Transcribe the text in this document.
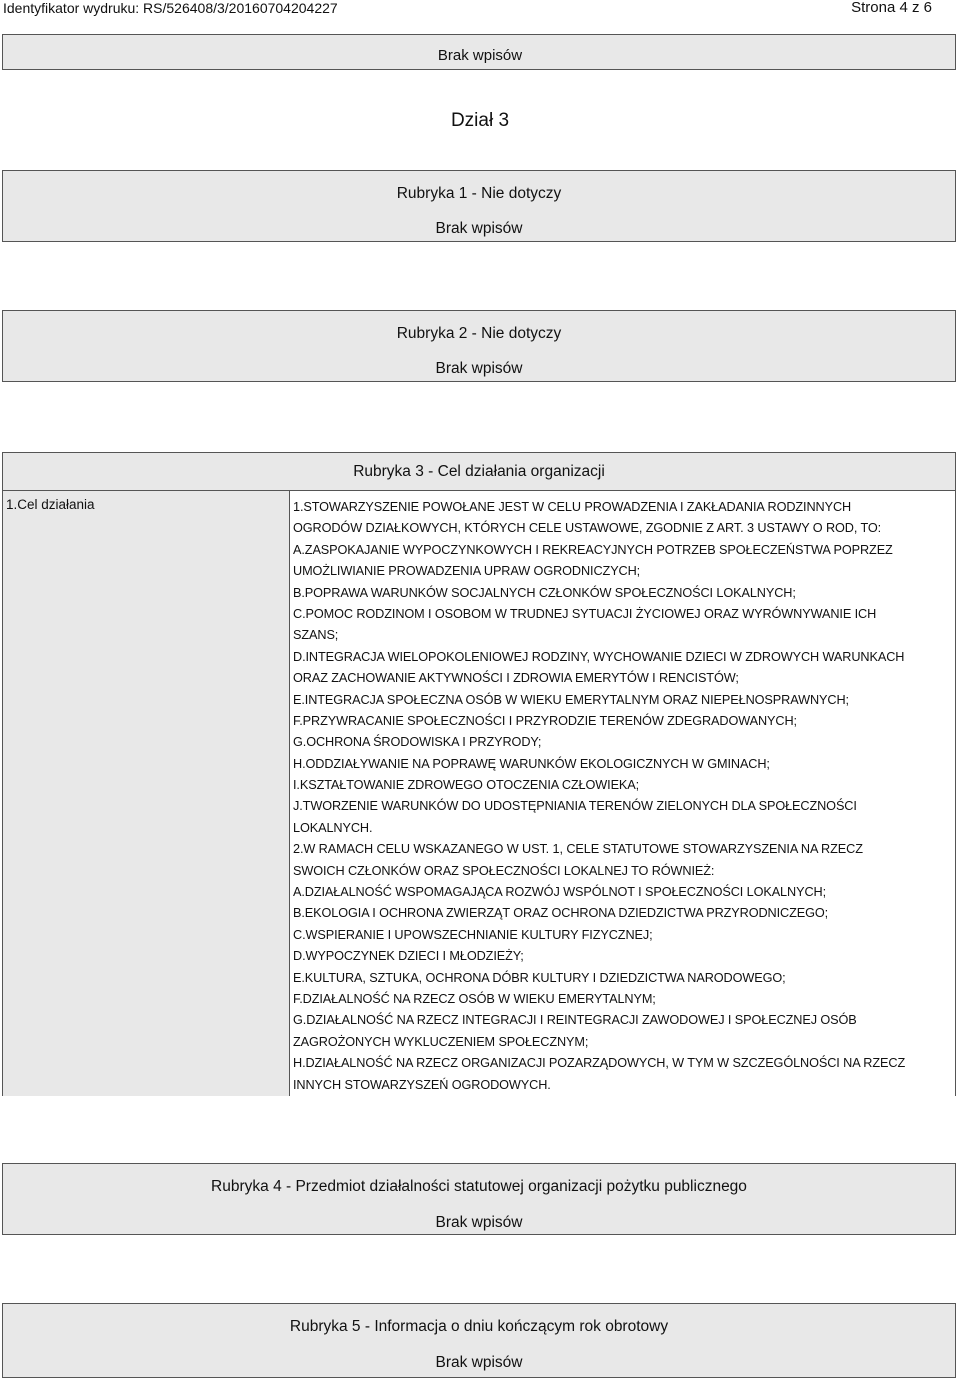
Identyfikator wydruku: RS/526408/3/20160704204227	Strona 4 z 6
Brak wpisów
Dział 3
Rubryka 1 - Nie dotyczy
Brak wpisów
Rubryka 2 - Nie dotyczy
Brak wpisów
Rubryka 3 - Cel działania organizacji
1.Cel działania	1.STOWARZYSZENIE POWOŁANE JEST W CELU PROWADZENIA I ZAKŁADANIA RODZINNYCH
OGRODÓW DZIAŁKOWYCH, KTÓRYCH CELE USTAWOWE, ZGODNIE Z ART. 3 USTAWY O ROD, TO:
A.ZASPOKAJANIE WYPOCZYNKOWYCH I REKREACYJNYCH POTRZEB SPOŁECZEŃSTWA POPRZEZ
UMOŻLIWIANIE PROWADZENIA UPRAW OGRODNICZYCH;
B.POPRAWA WARUNKÓW SOCJALNYCH CZŁONKÓW SPOŁECZNOŚCI LOKALNYCH;
C.POMOC RODZINOM I OSOBOM W TRUDNEJ SYTUACJI ŻYCIOWEJ ORAZ WYRÓWNYWANIE ICH
SZANS;
D.INTEGRACJA WIELOPOKOLENIOWEJ RODZINY, WYCHOWANIE DZIECI W ZDROWYCH WARUNKACH
ORAZ ZACHOWANIE AKTYWNOŚCI I ZDROWIA EMERYTÓW I RENCISTÓW;
E.INTEGRACJA SPOŁECZNA OSÓB W WIEKU EMERYTALNYM ORAZ NIEPEŁNOSPRAWNYCH;
F.PRZYWRACANIE SPOŁECZNOŚCI I PRZYRODZIE TERENÓW ZDEGRADOWANYCH;
G.OCHRONA ŚRODOWISKA I PRZYRODY;
H.ODDZIAŁYWANIE NA POPRAWĘ WARUNKÓW EKOLOGICZNYCH W GMINACH;
I.KSZTAŁTOWANIE ZDROWEGO OTOCZENIA CZŁOWIEKA;
J.TWORZENIE WARUNKÓW DO UDOSTĘPNIANIA TERENÓW ZIELONYCH DLA SPOŁECZNOŚCI
LOKALNYCH.
2.W RAMACH CELU WSKAZANEGO W UST. 1, CELE STATUTOWE STOWARZYSZENIA NA RZECZ
SWOICH CZŁONKÓW ORAZ SPOŁECZNOŚCI LOKALNEJ TO RÓWNIEŻ:
A.DZIAŁALNOŚĆ WSPOMAGAJĄCA ROZWÓJ WSPÓLNOT I SPOŁECZNOŚCI LOKALNYCH;
B.EKOLOGIA I OCHRONA ZWIERZĄT ORAZ OCHRONA DZIEDZICTWA PRZYRODNICZEGO;
C.WSPIERANIE I UPOWSZECHNIANIE KULTURY FIZYCZNEJ;
D.WYPOCZYNEK DZIECI I MŁODZIEŻY;
E.KULTURA, SZTUKA, OCHRONA DÓBR KULTURY I DZIEDZICTWA NARODOWEGO;
F.DZIAŁALNOŚĆ NA RZECZ OSÓB W WIEKU EMERYTALNYM;
G.DZIAŁALNOŚĆ NA RZECZ INTEGRACJI I REINTEGRACJI ZAWODOWEJ I SPOŁECZNEJ OSÓB
ZAGROŻONYCH WYKLUCZENIEM SPOŁECZNYM;
H.DZIAŁALNOŚĆ NA RZECZ ORGANIZACJI POZARZĄDOWYCH, W TYM W SZCZEGÓLNOŚCI NA RZECZ
INNYCH STOWARZYSZEŃ OGRODOWYCH.
Rubryka 4 - Przedmiot działalności statutowej organizacji pożytku publicznego
Brak wpisów
Rubryka 5 - Informacja o dniu kończącym rok obrotowy
Brak wpisów
